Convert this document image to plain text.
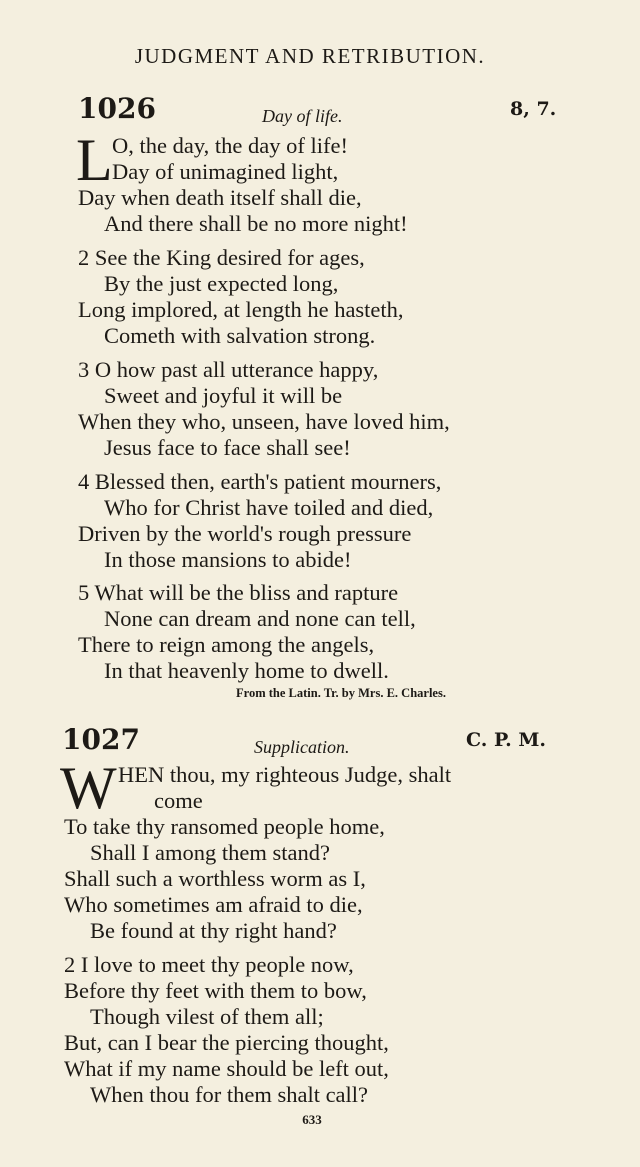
JUDGMENT AND RETRIBUTION.
1026	Day of life.	8, 7.
L O, the day, the day of life!
Day of unimagined light,
Day when death itself shall die,
And there shall be no more night!
2 See the King desired for ages,
By the just expected long,
Long implored, at length he hasteth,
Cometh with salvation strong.
3 O how past all utterance happy,
Sweet and joyful it will be
When they who, unseen, have loved him,
Jesus face to face shall see!
4 Blessed then, earth's patient mourners,
Who for Christ have toiled and died,
Driven by the world's rough pressure
In those mansions to abide!
5 What will be the bliss and rapture
None can dream and none can tell,
There to reign among the angels,
In that heavenly home to dwell.
From the Latin. Tr. by Mrs. E. Charles.
1027	Supplication.	C. P. M.
W HEN thou, my righteous Judge, shalt
come
To take thy ransomed people home,
Shall I among them stand?
Shall such a worthless worm as I,
Who sometimes am afraid to die,
Be found at thy right hand?
2 I love to meet thy people now,
Before thy feet with them to bow,
Though vilest of them all;
But, can I bear the piercing thought,
What if my name should be left out,
When thou for them shalt call?
633
